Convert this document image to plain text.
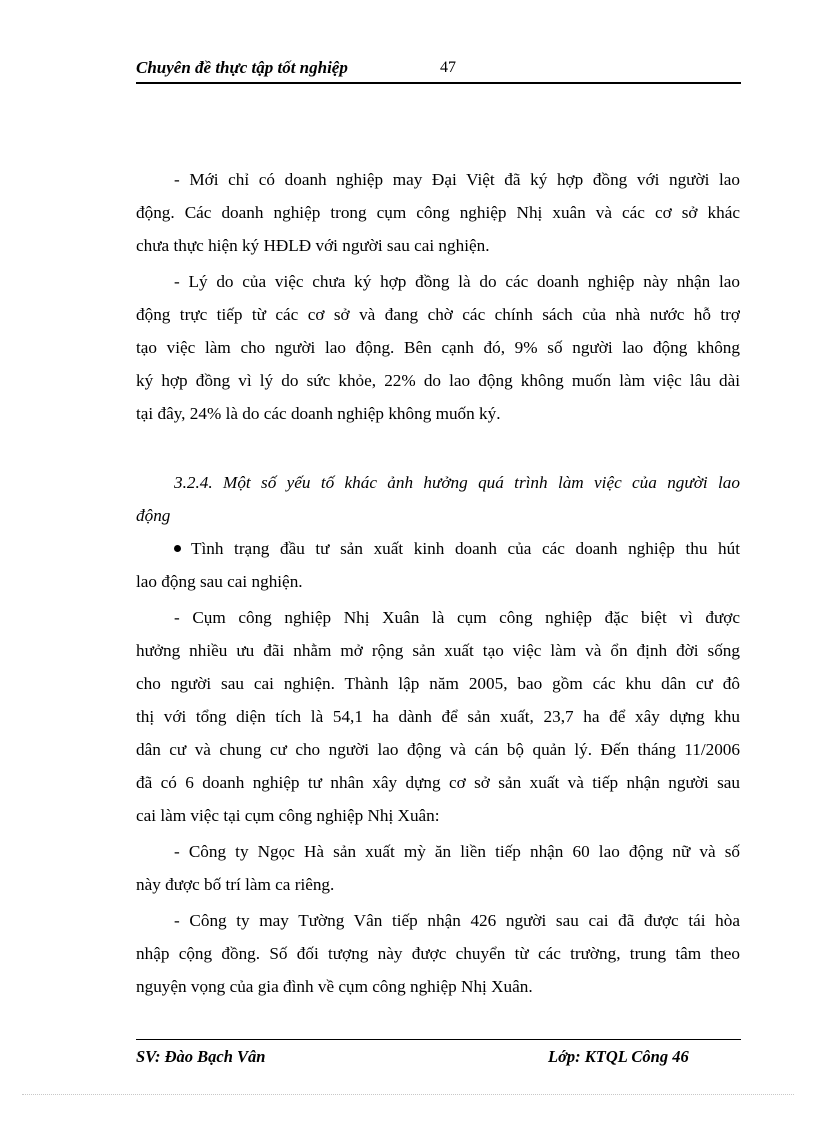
Chuyên đề thực tập tốt nghiệp	47
- Mới chỉ có doanh nghiệp may Đại Việt đã ký hợp đồng với người lao
động. Các doanh nghiệp trong cụm công nghiệp Nhị xuân và các cơ sở khác
chưa thực hiện ký HĐLĐ với người sau cai nghiện.
- Lý do của việc chưa ký hợp đồng là do các doanh nghiệp này nhận lao
động trực tiếp từ các cơ sở và đang chờ các chính sách của nhà nước hỗ trợ
tạo việc làm cho người lao động. Bên cạnh đó, 9% số người lao động không
ký hợp đồng vì lý do sức khỏe, 22% do lao động không muốn làm việc lâu dài
tại đây, 24% là do các doanh nghiệp không muốn ký.
3.2.4. Một số yếu tố khác ảnh hưởng quá trình làm việc của người lao
động
Tình trạng đầu tư sản xuất kinh doanh của các doanh nghiệp thu hút
lao động sau cai nghiện.
- Cụm công nghiệp Nhị Xuân là cụm công nghiệp đặc biệt vì được
hưởng nhiều ưu đãi nhằm mở rộng sản xuất tạo việc làm và ổn định đời sống
cho người sau cai nghiện. Thành lập năm 2005, bao gồm các khu dân cư đô
thị với tổng diện tích là 54,1 ha dành để sản xuất, 23,7 ha để xây dựng khu
dân cư và chung cư cho người lao động và cán bộ quản lý. Đến tháng 11/2006
đã có 6 doanh nghiệp tư nhân xây dựng cơ sở sản xuất và tiếp nhận người sau
cai làm việc tại cụm công nghiệp Nhị Xuân:
- Công ty Ngọc Hà sản xuất mỳ ăn liền tiếp nhận 60 lao động nữ và số
này được bố trí làm ca riêng.
- Công ty may Tường Vân tiếp nhận 426 người sau cai đã được tái hòa
nhập cộng đồng. Số đối tượng này được chuyển từ các trường, trung tâm theo
nguyện vọng của gia đình về cụm công nghiệp Nhị Xuân.
SV: Đào Bạch Vân	Lớp: KTQL Công 46
